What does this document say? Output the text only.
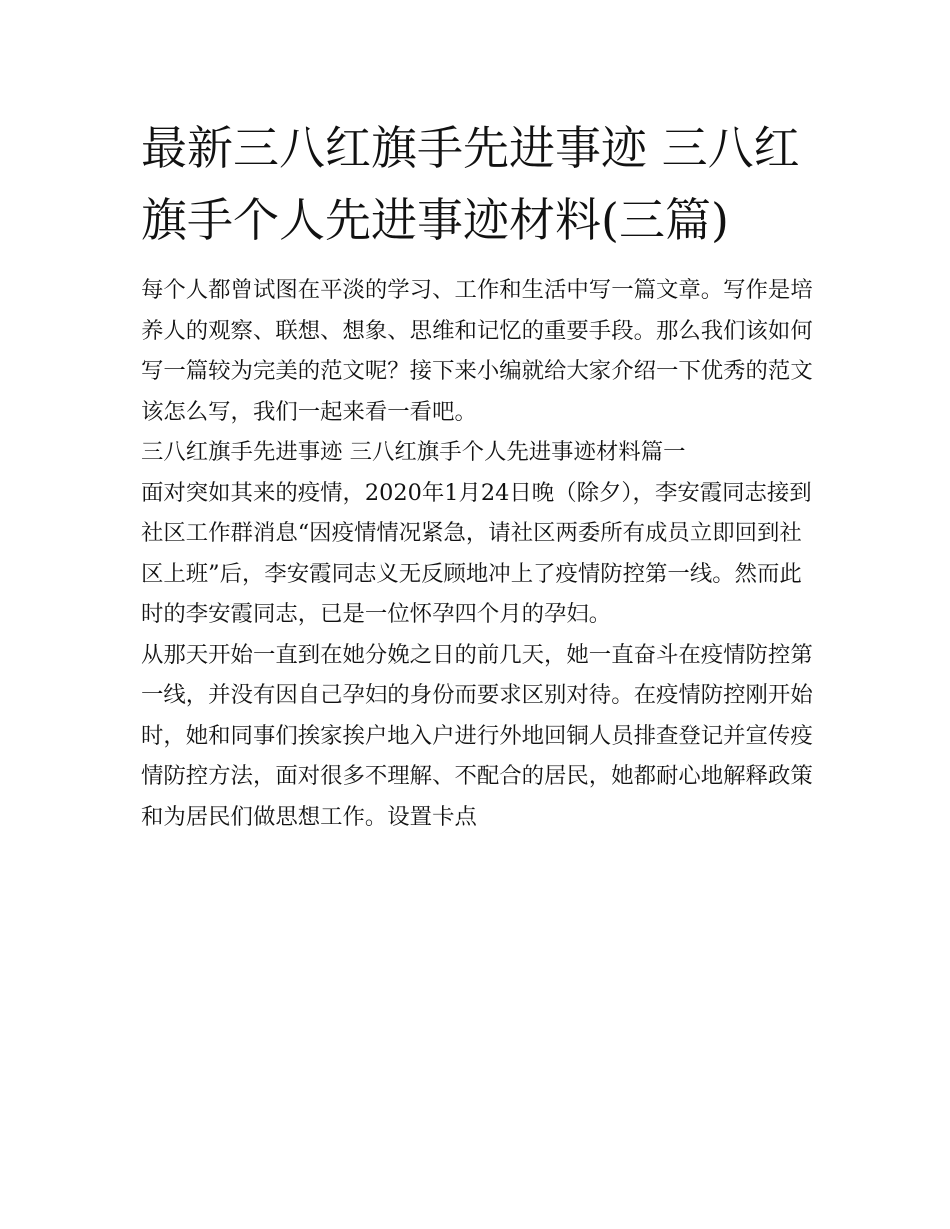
最新三八红旗手先进事迹 三八红旗手个人先进事迹材料(三篇)

每个人都曾试图在平淡的学习、工作和生活中写一篇文章。写作是培养人的观察、联想、想象、思维和记忆的重要手段。那么我们该如何写一篇较为完美的范文呢？接下来小编就给大家介绍一下优秀的范文该怎么写，我们一起来看一看吧。

三八红旗手先进事迹 三八红旗手个人先进事迹材料篇一

面对突如其来的疫情，2020年1月24日晚（除夕），李安霞同志接到社区工作群消息“因疫情情况紧急，请社区两委所有成员立即回到社区上班”后，李安霞同志义无反顾地冲上了疫情防控第一线。然而此时的李安霞同志，已是一位怀孕四个月的孕妇。

从那天开始一直到在她分娩之日的前几天，她一直奋斗在疫情防控第一线，并没有因自己孕妇的身份而要求区别对待。在疫情防控刚开始时，她和同事们挨家挨户地入户进行外地回铜人员排查登记并宣传疫情防控方法，面对很多不理解、不配合的居民，她都耐心地解释政策和为居民们做思想工作。设置卡点
